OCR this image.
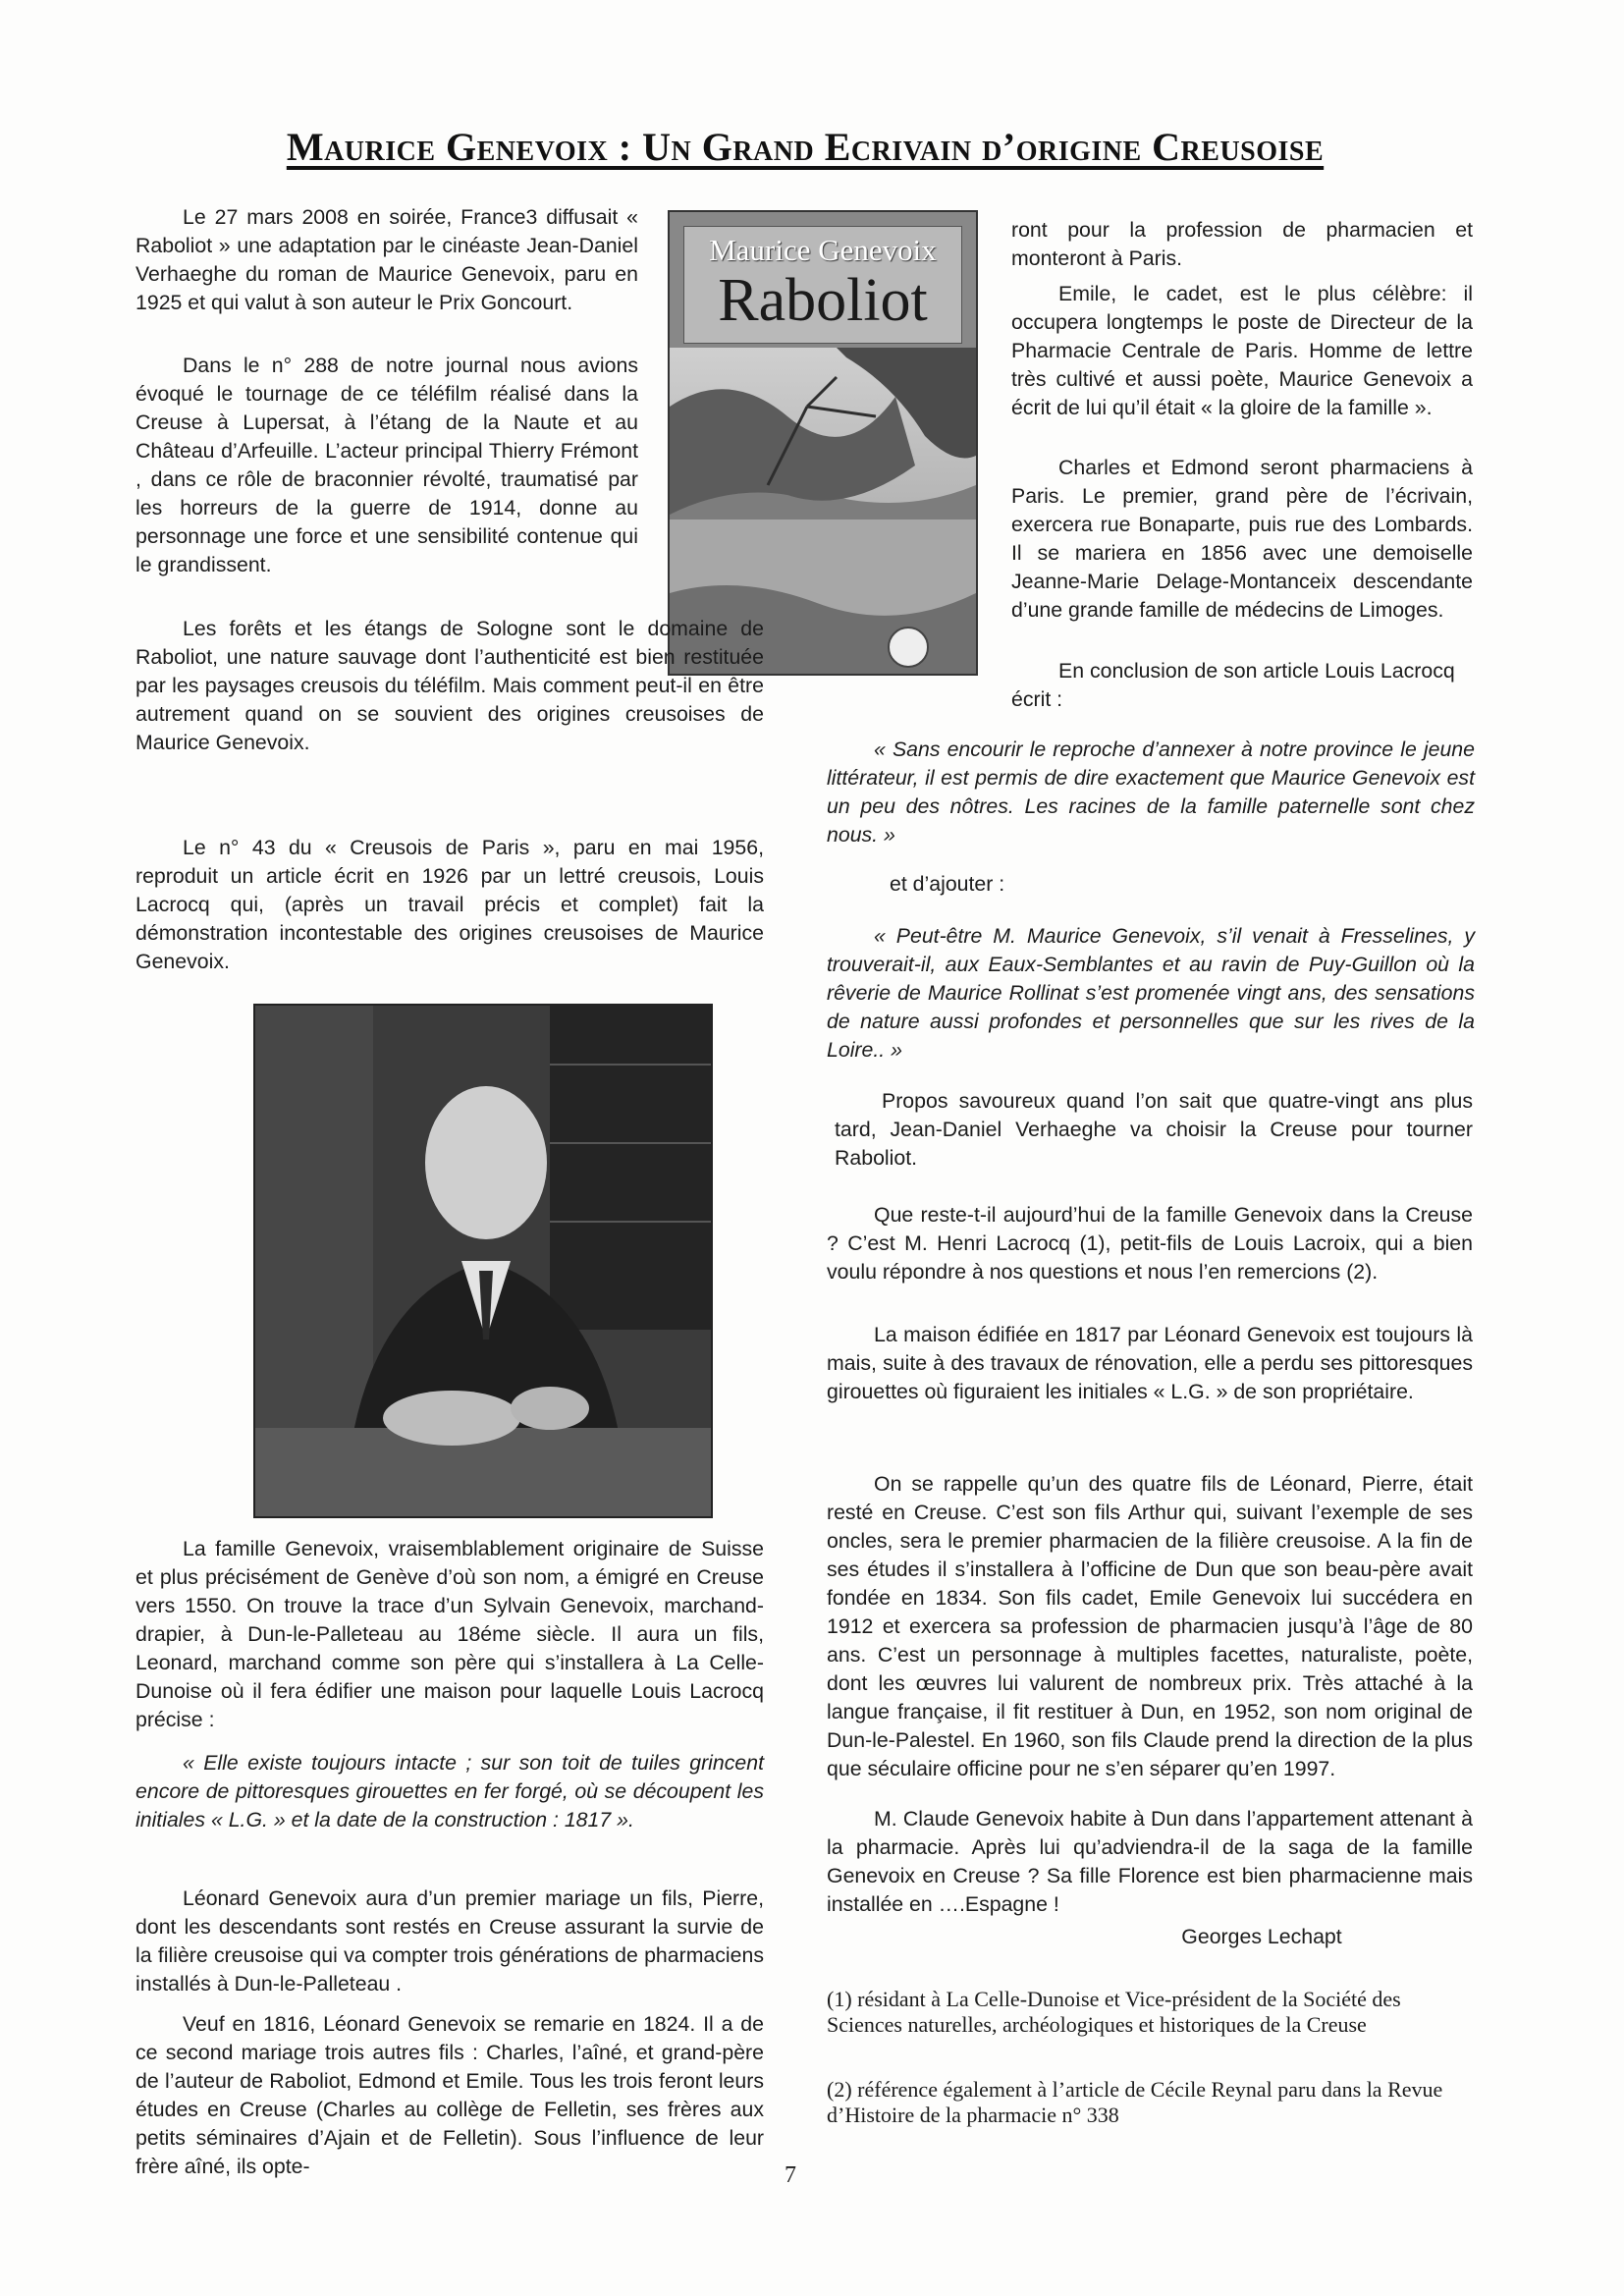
Maurice Genevoix : Un Grand Ecrivain d’origine Creusoise
Maurice Genevoix
Raboliot

Le 27 mars 2008 en soirée, France3 diffusait « Raboliot » une adaptation par le cinéaste Jean-Daniel Verhaeghe du roman de Maurice Genevoix, paru en 1925 et qui valut à son auteur le Prix Goncourt.

Dans le n° 288 de notre journal nous avions évoqué le tournage de ce téléfilm réalisé dans la Creuse à Lupersat, à l’étang de la Naute et au Château d’Arfeuille. L’acteur principal Thierry Frémont , dans ce rôle de braconnier révolté, traumatisé par les horreurs de la guerre de 1914, donne au personnage une force et une sensibilité contenue qui le grandissent.

Les forêts et les étangs de Sologne sont le domaine de Raboliot, une nature sauvage dont l’authenticité est bien restituée par les paysages creusois du téléfilm. Mais comment peut-il en être autrement quand on se souvient des origines creusoises de Maurice Genevoix.

Le n° 43 du « Creusois de Paris », paru en mai 1956, reproduit un article écrit en 1926 par un lettré creusois, Louis Lacrocq qui, (après un travail précis et complet) fait la démonstration incontestable des origines creusoises de Maurice Genevoix.

La famille Genevoix, vraisemblablement originaire de Suisse et plus précisément de Genève d’où son nom, a émigré en Creuse vers 1550. On trouve la trace d’un Sylvain Genevoix, marchand-drapier, à Dun-le-Palleteau au 18éme siècle. Il aura un fils, Leonard, marchand comme son père qui s’installera à La Celle-Dunoise où il fera édifier une maison pour laquelle Louis Lacrocq précise :

« Elle existe toujours intacte ; sur son toit de tuiles grincent encore de pittoresques girouettes en fer forgé, où se découpent les initiales « L.G. » et la date de la construction : 1817 ».

Léonard Genevoix aura d’un premier mariage un fils, Pierre, dont les descendants sont restés en Creuse assurant la survie de la filière creusoise qui va compter trois générations de pharmaciens installés à Dun-le-Palleteau .

Veuf en 1816, Léonard Genevoix se remarie en 1824. Il a de ce second mariage trois autres fils : Charles, l’aîné, et grand-père de l’auteur de Raboliot, Edmond et Emile. Tous les trois feront leurs études en Creuse (Charles au collège de Felletin, ses frères aux petits séminaires d’Ajain et de Felletin). Sous l’influence de leur frère aîné, ils opte-

ront pour la profession de pharmacien et monteront à Paris.

Emile, le cadet, est le plus célèbre: il occupera longtemps le poste de Directeur de la Pharmacie Centrale de Paris. Homme de lettre très cultivé et aussi poète, Maurice Genevoix a écrit de lui qu’il était « la gloire de la famille ».

Charles et Edmond seront pharmaciens à Paris. Le premier, grand père de l’écrivain, exercera rue Bonaparte, puis rue des Lombards. Il se mariera en 1856 avec une demoiselle Jeanne-Marie Delage-Montanceix descendante d’une grande famille de médecins de Limoges.

En conclusion de son article Louis Lacrocq écrit :

« Sans encourir le reproche d’annexer à notre province le jeune littérateur, il est permis de dire exactement que Maurice Genevoix est un peu des nôtres. Les racines de la famille paternelle sont chez nous. »

et d’ajouter :

« Peut-être M. Maurice Genevoix, s’il venait à Fresselines, y trouverait-il, aux Eaux-Semblantes et au ravin de Puy-Guillon où la rêverie de Maurice Rollinat s’est promenée vingt ans, des sensations de nature aussi profondes et personnelles que sur les rives de la Loire.. »

Propos savoureux quand l’on sait que quatre-vingt ans plus tard, Jean-Daniel Verhaeghe va choisir la Creuse pour tourner Raboliot.

Que reste-t-il aujourd’hui de la famille Genevoix dans la Creuse ? C’est M. Henri Lacrocq (1), petit-fils de Louis Lacroix, qui a bien voulu répondre à nos questions et nous l’en remercions (2).

La maison édifiée en 1817 par Léonard Genevoix est toujours là mais, suite à des travaux de rénovation, elle a perdu ses pittoresques girouettes où figuraient les initiales « L.G. » de son propriétaire.

On se rappelle qu’un des quatre fils de Léonard, Pierre, était resté en Creuse. C’est son fils Arthur qui, suivant l’exemple de ses oncles, sera le premier pharmacien de la filière creusoise. A la fin de ses études il s’installera à l’officine de Dun que son beau-père avait fondée en 1834. Son fils cadet, Emile Genevoix lui succédera en 1912 et exercera sa profession de pharmacien jusqu’à l’âge de 80 ans. C’est un personnage à multiples facettes, naturaliste, poète, dont les œuvres lui valurent de nombreux prix. Très attaché à la langue française, il fit restituer à Dun, en 1952, son nom original de Dun-le-Palestel. En 1960, son fils Claude prend la direction de la plus que séculaire officine pour ne s’en séparer qu’en 1997.

M. Claude Genevoix habite à Dun dans l’appartement attenant à la pharmacie. Après lui qu’adviendra-il de la saga de la famille Genevoix en Creuse ? Sa fille Florence est bien pharmacienne mais installée en ….Espagne !

Georges Lechapt

(1) résidant à La Celle-Dunoise et Vice-président de la Société des Sciences naturelles, archéologiques et historiques de la Creuse

(2) référence également à l’article de Cécile Reynal paru dans la Revue d’Histoire de la pharmacie n° 338

7
